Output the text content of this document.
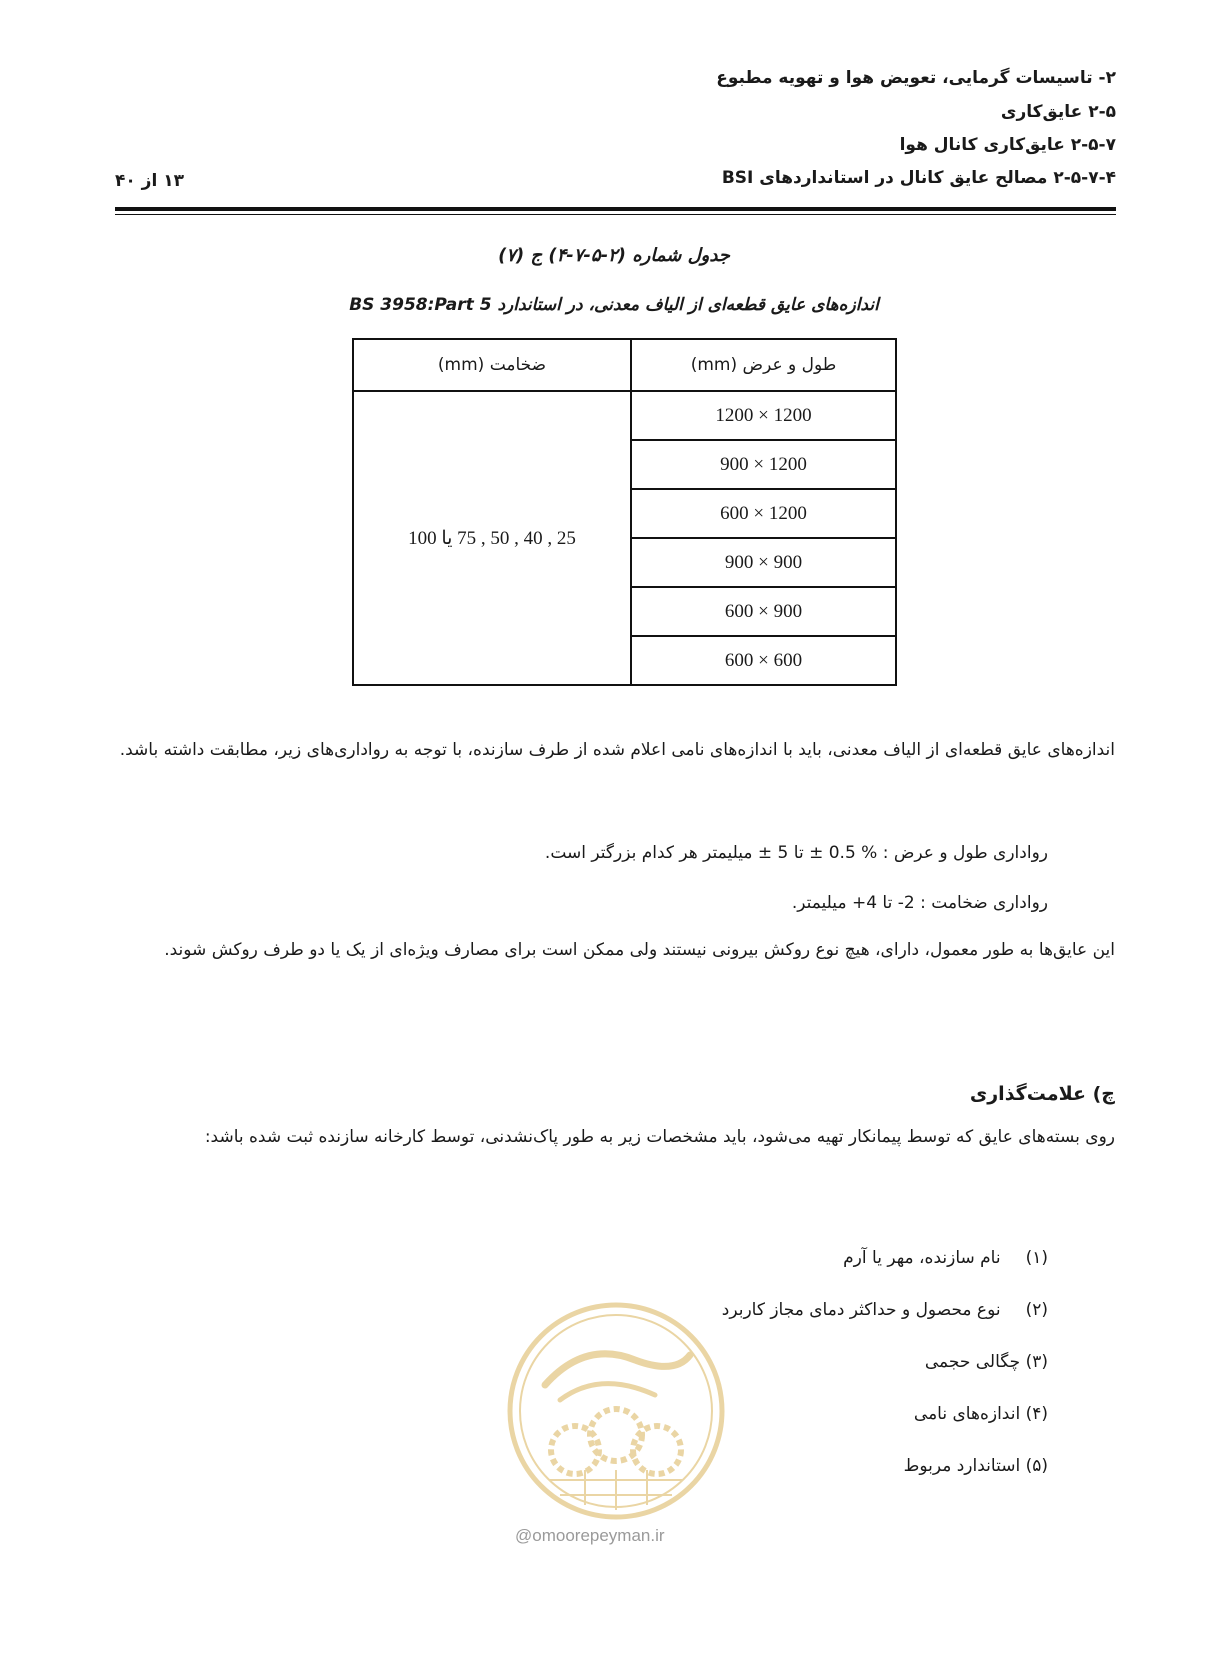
۲- تاسیسات گرمایی، تعویض هوا و تهویه مطبوع
۲-۵ عایق‌کاری
۲-۵-۷ عایق‌کاری کانال هوا
۲-۵-۷-۴ مصالح عایق کانال در استانداردهای BSI
۱۳ از ۴۰
جدول شماره (۲-۵-۷-۴) ج (۷)
اندازه‌های عایق قطعه‌ای از الیاف معدنی، در استاندارد BS 3958:Part 5
طول و عرض (mm)	ضخامت (mm)
1200 × 1200	25 , 40 , 50 , 75 یا 100
1200 × 900	
1200 × 600	
900 × 900	
900 × 600	
600 × 600	
اندازه‌های عایق قطعه‌ای از الیاف معدنی، باید با اندازه‌های نامی اعلام شده از طرف سازنده، با توجه به رواداری‌های زیر، مطابقت داشته باشد.
رواداری طول و عرض : % 0.5 ± تا 5 ± میلیمتر هر کدام بزرگتر است.
رواداری ضخامت : 2- تا 4+ میلیمتر.
این عایق‌ها به طور معمول، دارای، هیچ نوع روکش بیرونی نیستند ولی ممکن است برای مصارف ویژه‌ای از یک یا دو طرف روکش شوند.
چ) علامت‌گذاری
روی بسته‌های عایق که توسط پیمانکار تهیه می‌شود، باید مشخصات زیر به طور پاک‌نشدنی، توسط کارخانه سازنده ثبت شده باشد:
(۱) نام سازنده، مهر یا آرم
(۲) نوع محصول و حداکثر دمای مجاز کاربرد
(۳) چگالی حجمی
(۴) اندازه‌های نامی
(۵) استاندارد مربوط
@omoorepeyman.ir
